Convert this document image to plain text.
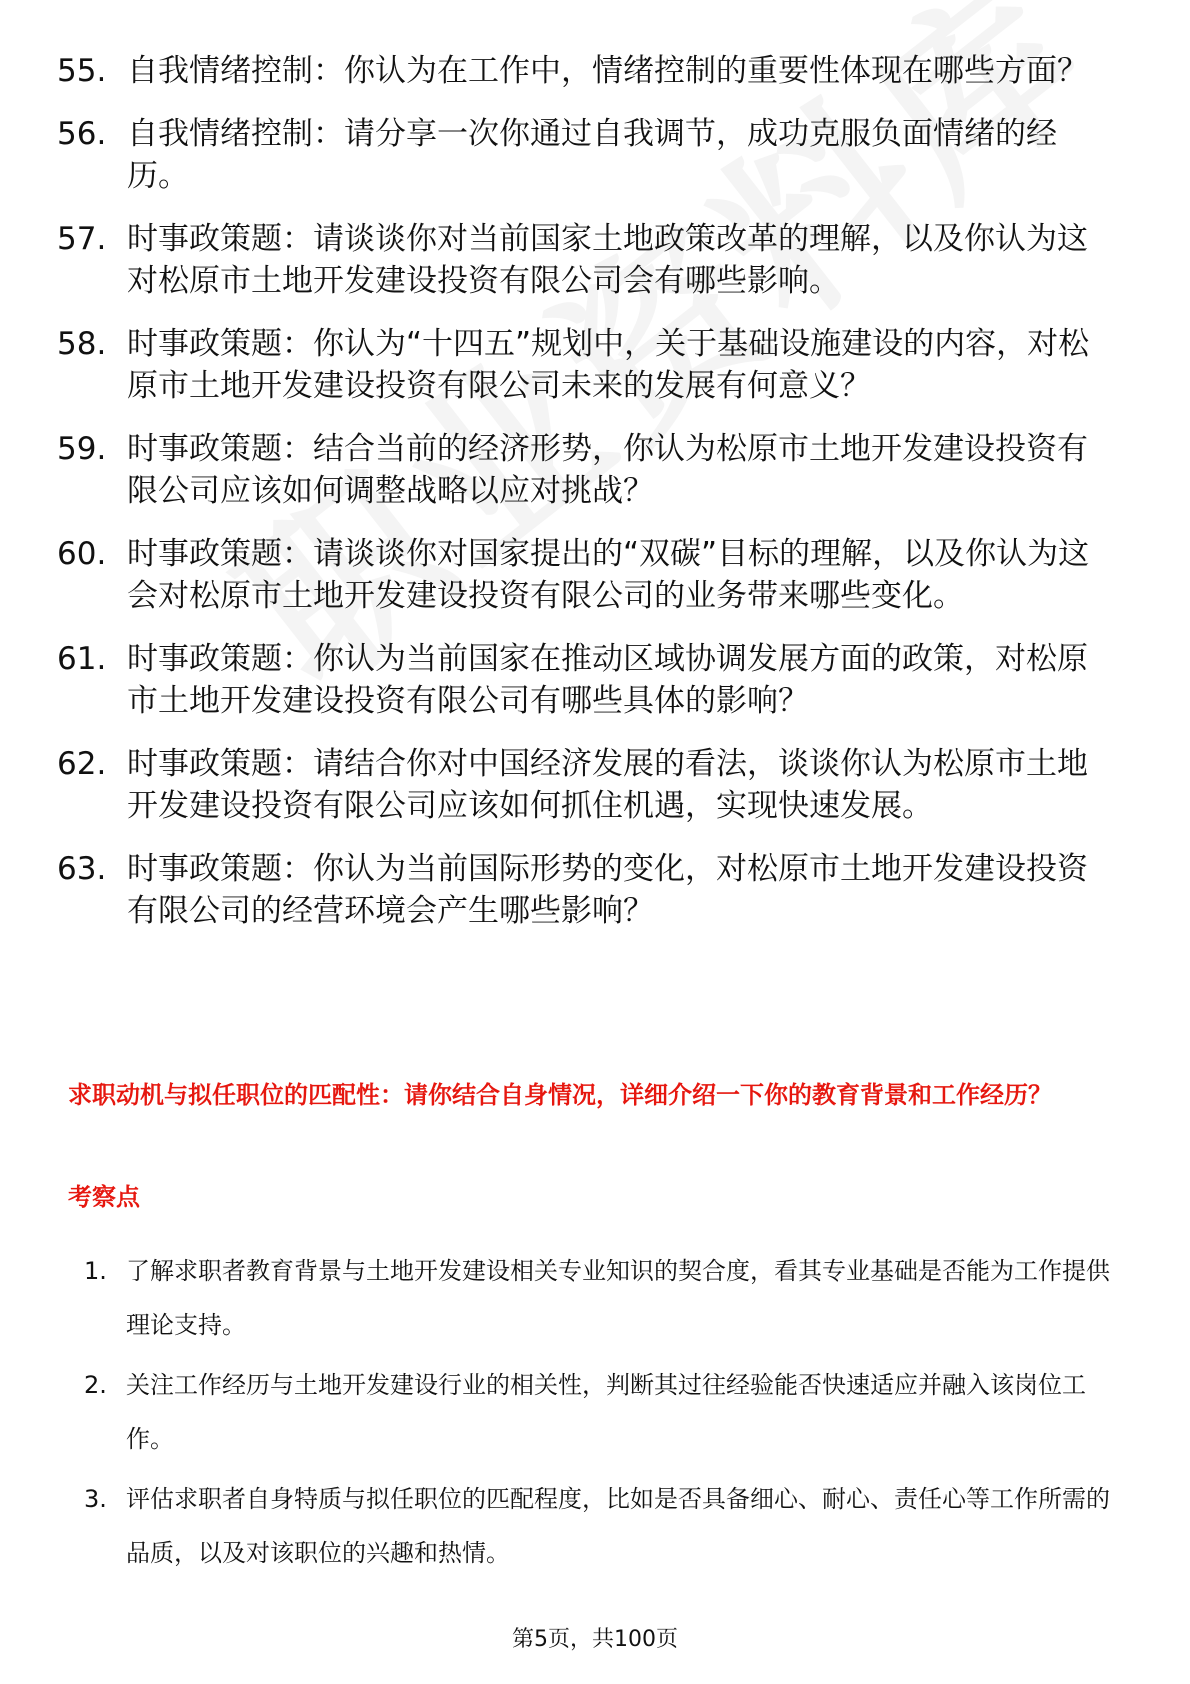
55. 自我情绪控制：你认为在工作中，情绪控制的重要性体现在哪些方面？
56. 自我情绪控制：请分享一次你通过自我调节，成功克服负面情绪的经历。
57. 时事政策题：请谈谈你对当前国家土地政策改革的理解，以及你认为这对松原市土地开发建设投资有限公司会有哪些影响。
58. 时事政策题：你认为“十四五”规划中，关于基础设施建设的内容，对松原市土地开发建设投资有限公司未来的发展有何意义？
59. 时事政策题：结合当前的经济形势，你认为松原市土地开发建设投资有限公司应该如何调整战略以应对挑战？
60. 时事政策题：请谈谈你对国家提出的“双碳”目标的理解，以及你认为这会对松原市土地开发建设投资有限公司的业务带来哪些变化。
61. 时事政策题：你认为当前国家在推动区域协调发展方面的政策，对松原市土地开发建设投资有限公司有哪些具体的影响？
62. 时事政策题：请结合你对中国经济发展的看法，谈谈你认为松原市土地开发建设投资有限公司应该如何抓住机遇，实现快速发展。
63. 时事政策题：你认为当前国际形势的变化，对松原市土地开发建设投资有限公司的经营环境会产生哪些影响？
求职动机与拟任职位的匹配性：请你结合自身情况，详细介绍一下你的教育背景和工作经历？
考察点
1. 了解求职者教育背景与土地开发建设相关专业知识的契合度，看其专业基础是否能为工作提供理论支持。
2. 关注工作经历与土地开发建设行业的相关性，判断其过往经验能否快速适应并融入该岗位工作。
3. 评估求职者自身特质与拟任职位的匹配程度，比如是否具备细心、耐心、责任心等工作所需的品质，以及对该职位的兴趣和热情。
第5页，共100页
